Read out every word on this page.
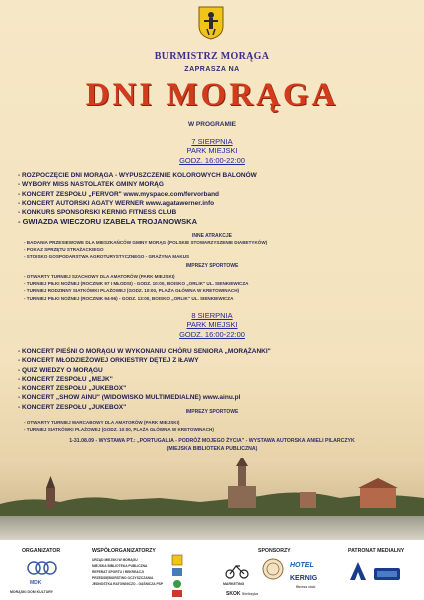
BURMISTRZ MORĄGA
ZAPRASZA NA
DNI MORĄGA
W PROGRAMIE
7 SIERPNIA
PARK MIEJSKI
GODZ. 16:00-22:00
- ROZPOCZĘCIE DNI MORĄGA - WYPUSZCZENIE KOLOROWYCH BALONÓW
- WYBORY MISS NASTOLATEK GMINY MORĄG
- KONCERT ZESPOŁU „FERVOR" www.myspace.com/fervorband
- KONCERT AUTORSKI AGATY WERNER www.agatawerner.info
- KONKURS SPONSORSKI KERNIG FITNESS CLUB
- GWIAZDA WIECZORU IZABELA TROJANOWSKA
INNE ATRAKCJE
- BADANIA PRZESIEWOWE DLA MIESZKAŃCÓW GMINY MORĄG (POLSKIE STOWARZYSZENIE DIABETYKÓW)
- POKAZ SPRZĘTU STRAŻACKIEGO
- STOISKO GOSPODARSTWA AGROTURYSTYCZNEGO - GRAŻYNA MAKUS
IMPREZY SPORTOWE
- OTWARTY TURNIEJ SZACHOWY DLA AMATORÓW (PARK MIEJSKI)
- TURNIEJ PIŁKI NOŻNEJ (ROCZNIK 97 I MŁODSI) - GODZ. 10:00, BOISKO „ORLIK" UL. SIENKIEWICZA
- TURNIEJ RODZINNY SIATKÓWKI PLAŻOWEJ (GODZ. 10:00, PLAŻA GŁÓWNA W KRETOWINACH)
- TURNIEJ PIŁKI NOŻNEJ (ROCZNIK 94-96) - GODZ. 13:00, BOISKO „ORLIK" UL. SIENKIEWICZA
8 SIERPNIA
PARK MIEJSKI
GODZ. 16:00-22:00
- KONCERT PIEŚNI O MORĄGU W WYKONANIU CHÓRU SENIORA „MORĄŻANKI"
- KONCERT MŁODZIEŻOWEJ ORKIESTRY DĘTEJ Z IŁAWY
- QUIZ WIEDZY O MORĄGU
- KONCERT ZESPOŁU „MEJK"
- KONCERT ZESPOŁU „JUKEBOX"
- KONCERT „SHOW AINU" (WIDOWISKO MULTIMEDIALNE) www.ainu.pl
- KONCERT ZESPOŁU „JUKEBOX"
IMPREZY SPORTOWE
- OTWARTY TURNIEJ WARCABOWY DLA AMATORÓW (PARK MIEJSKI)
- TURNIEJ SIATKÓWKI PLAŻOWEJ (GODZ. 10:00, PLAŻA GŁÓWNA W KRETOWINACH)
1-31.08.09 - WYSTAWA PT.: „PORTUGALIA - PODRÓŻ MOJEGO ŻYCIA" - WYSTAWA AUTORSKA ANIELI PILARCZYK
(MIEJSKA BIBLIOTEKA PUBLICZNA)
ORGANIZATOR	WSPÓŁORGANIZATORZY	SPONSORZY	PATRONAT MEDIALNY
MDK
MORĄSKI DOM KULTURY
URZĄD MIEJSKI W MORĄGU
MIEJSKA BIBLIOTEKA PUBLICZNA
REFERAT SPORTU I REKREACJI
PRZEDSIĘBIORSTWO OCZYSZCZANIA
JEDNOSTKA RATOWNICZO - GAŚNICZA PSP	MARKETING
HOTEL
KERNIG
fitness club
SKOK Stefczyka
